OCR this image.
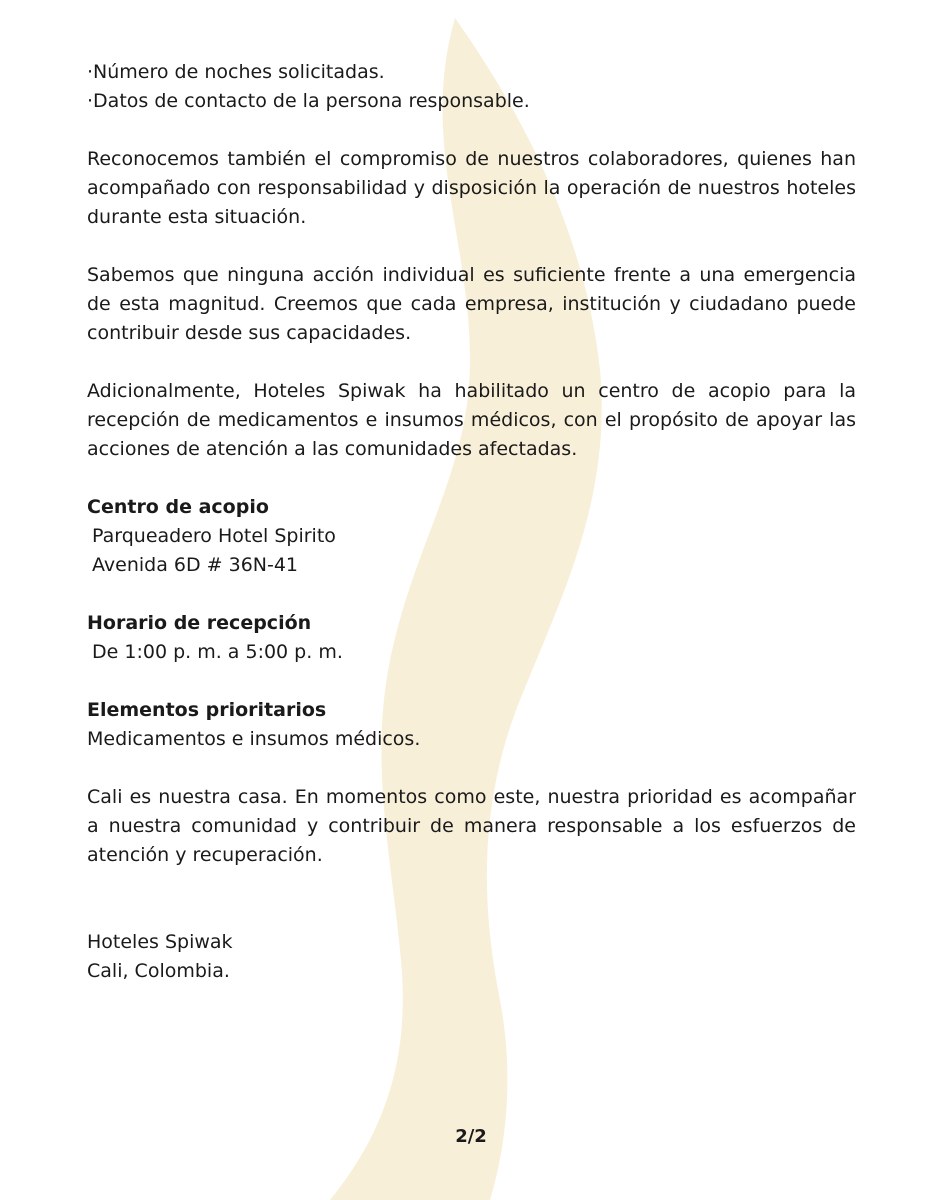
·Número de noches solicitadas.
·Datos de contacto de la persona responsable.

Reconocemos también el compromiso de nuestros colaboradores, quienes han acompañado con responsabilidad y disposición la operación de nuestros hoteles durante esta situación.

Sabemos que ninguna acción individual es suficiente frente a una emergencia de esta magnitud. Creemos que cada empresa, institución y ciudadano puede contribuir desde sus capacidades.

Adicionalmente, Hoteles Spiwak ha habilitado un centro de acopio para la recepción de medicamentos e insumos médicos, con el propósito de apoyar las acciones de atención a las comunidades afectadas.

Centro de acopio
Parqueadero Hotel Spirito
Avenida 6D # 36N-41
Horario de recepción
De 1:00 p. m. a 5:00 p. m.
Elementos prioritarios
Medicamentos e insumos médicos.

Cali es nuestra casa. En momentos como este, nuestra prioridad es acompañar a nuestra comunidad y contribuir de manera responsable a los esfuerzos de atención y recuperación.

Hoteles Spiwak
Cali, Colombia.
2/2
